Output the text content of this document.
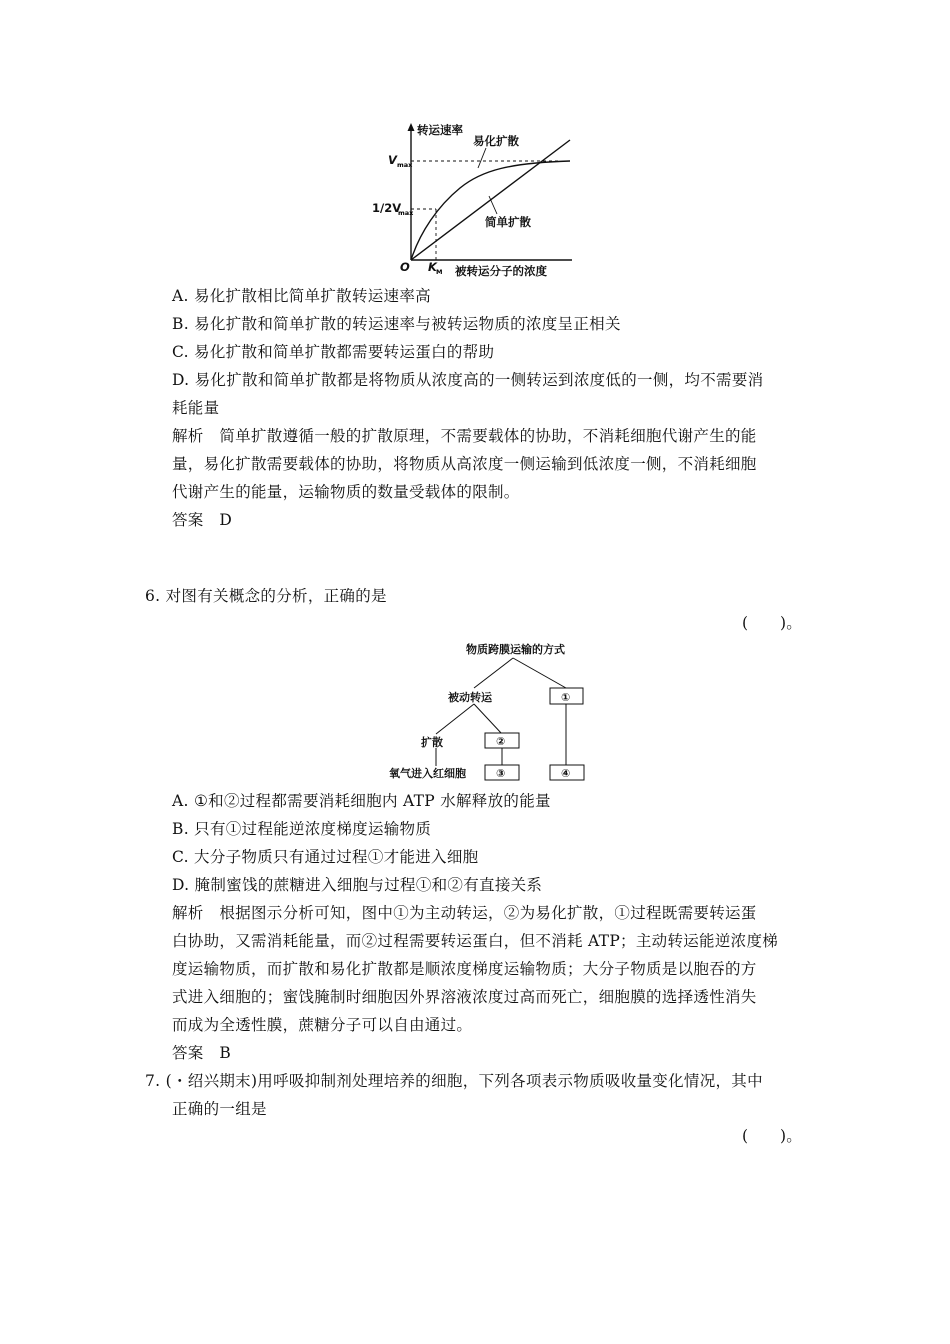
转运速率
易化扩散
简单扩散
V max
1/2V
max
O K M 被转运分子的浓度
A. 易化扩散相比简单扩散转运速率高
B. 易化扩散和简单扩散的转运速率与被转运物质的浓度呈正相关
C. 易化扩散和简单扩散都需要转运蛋白的帮助
D. 易化扩散和简单扩散都是将物质从浓度高的一侧转运到浓度低的一侧，均不需要消
耗能量
解析　简单扩散遵循一般的扩散原理，不需要载体的协助，不消耗细胞代谢产生的能
量，易化扩散需要载体的协助，将物质从高浓度一侧运输到低浓度一侧，不消耗细胞
代谢产生的能量，运输物质的数量受载体的限制。
答案　D
6. 对图有关概念的分析，正确的是
(　　)。
物质跨膜运输的方式
被动转运	①
扩散	②
氧气进入红细胞	③	④
A. ①和②过程都需要消耗细胞内 ATP 水解释放的能量
B. 只有①过程能逆浓度梯度运输物质
C. 大分子物质只有通过过程①才能进入细胞
D. 腌制蜜饯的蔗糖进入细胞与过程①和②有直接关系
解析　根据图示分析可知，图中①为主动转运，②为易化扩散，①过程既需要转运蛋
白协助，又需消耗能量，而②过程需要转运蛋白，但不消耗 ATP；主动转运能逆浓度梯
度运输物质，而扩散和易化扩散都是顺浓度梯度运输物质；大分子物质是以胞吞的方
式进入细胞的；蜜饯腌制时细胞因外界溶液浓度过高而死亡，细胞膜的选择透性消失
而成为全透性膜，蔗糖分子可以自由通过。
答案　B
7. (・绍兴期末)用呼吸抑制剂处理培养的细胞，下列各项表示物质吸收量变化情况，其中
正确的一组是
(　　)。
